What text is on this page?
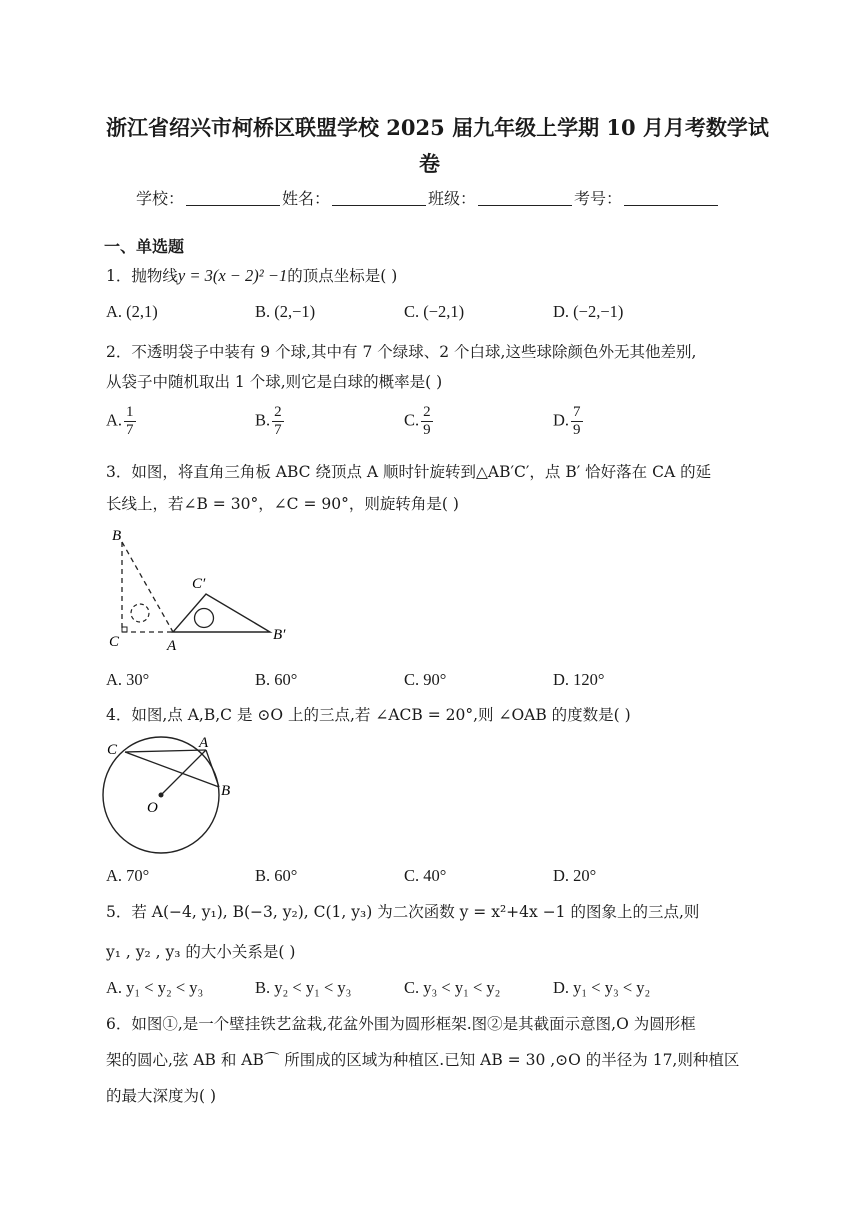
浙江省绍兴市柯桥区联盟学校 2025 届九年级上学期 10 月月考数学试
卷
学校：	姓名：	班级：	考号：
一、单选题
1．抛物线y = 3(x − 2)² −1的顶点坐标是( )
A. (2,1)	B. (2,−1)	C. (−2,1)	D. (−2,−1)
2．不透明袋子中装有 9 个球,其中有 7 个绿球、2 个白球,这些球除颜色外无其他差别,
从袋子中随机取出 1 个球,则它是白球的概率是( )
A. $\frac{1}{7}$	B. $\frac{2}{7}$	C. $\frac{2}{9}$	D. $\frac{7}{9}$
3．如图，将直角三角板 ABC 绕顶点 A 顺时针旋转到△AB′C′，点 B′ 恰好落在 CA 的延
长线上，若∠B = 30°，∠C = 90°，则旋转角是( )
B
C′
C	A
B′
A. 30°	B. 60°	C. 90°	D. 120°
4．如图,点 A,B,C 是 ⊙O 上的三点,若 ∠ACB = 20°,则 ∠OAB 的度数是( )
C	A
B
O
A. 70°	B. 60°	C. 40°	D. 20°
5．若 A(−4, y₁), B(−3, y₂), C(1, y₃) 为二次函数 y = x²+4x −1 的图象上的三点,则
y₁ , y₂ , y₃ 的大小关系是( )
A. y₁ < y₂ < y₃	B. y₂ < y₁ < y₃	C. y₃ < y₁ < y₂	D. y₁ < y₃ < y₂
6．如图①,是一个壁挂铁艺盆栽,花盆外围为圆形框架.图②是其截面示意图,O 为圆形框
架的圆心,弦 AB 和 AB⌒ 所围成的区域为种植区.已知 AB = 30 ,⊙O 的半径为 17,则种植区
的最大深度为( )
